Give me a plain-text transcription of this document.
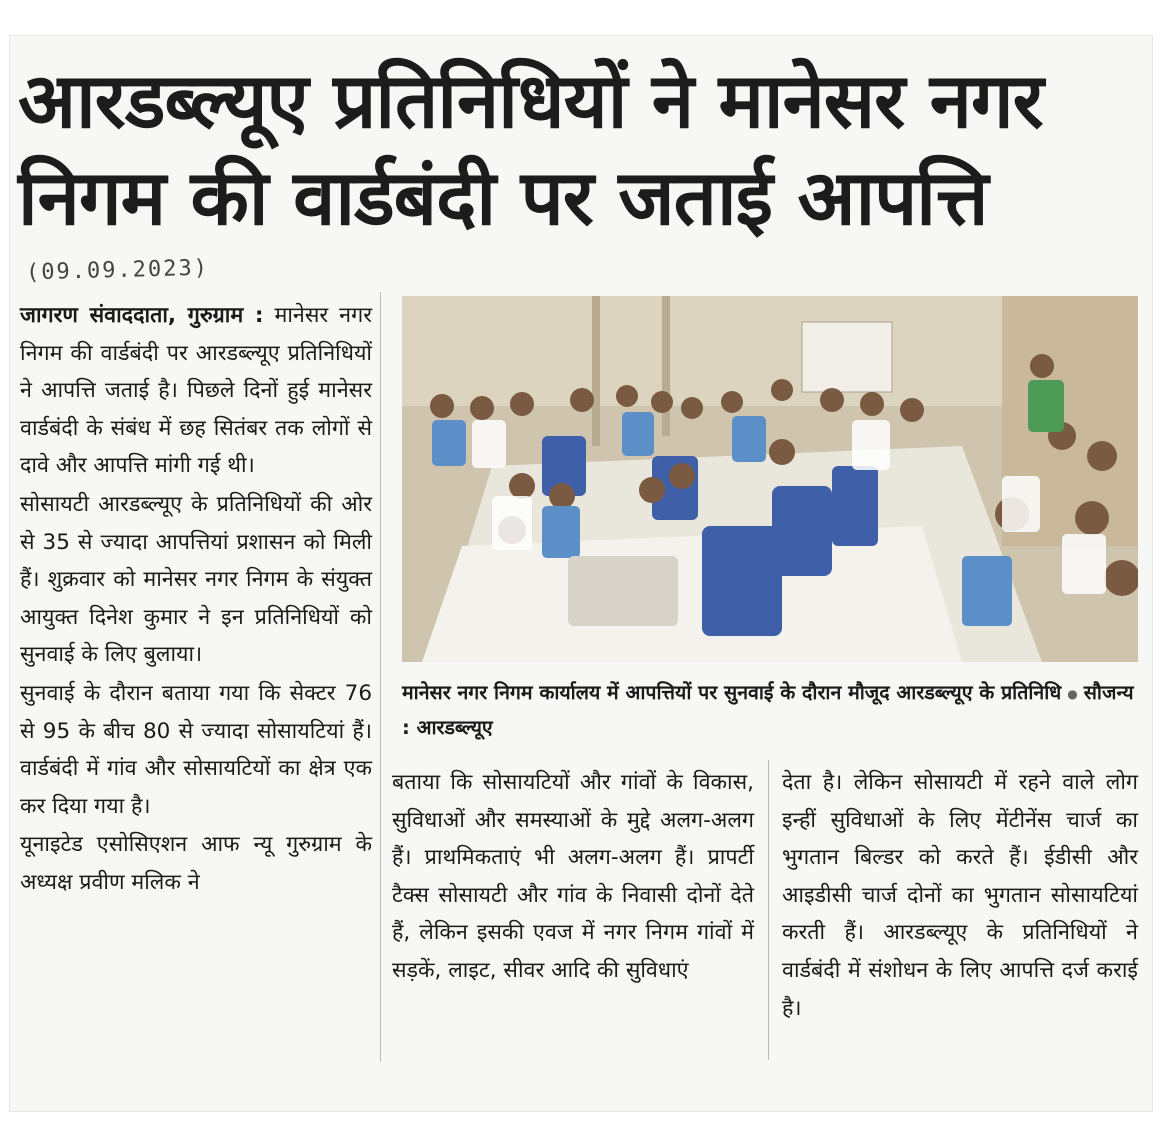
आरडब्ल्यूए प्रतिनिधियों ने मानेसर नगर
निगम की वार्डबंदी पर जताई आपत्ति
(09.09.2023)

जागरण संवाददाता, गुरुग्राम : मानेसर नगर निगम की वार्डबंदी पर आरडब्ल्यूए प्रतिनिधियों ने आपत्ति जताई है। पिछले दिनों हुई मानेसर वार्डबंदी के संबंध में छह सितंबर तक लोगों से दावे और आपत्ति मांगी गई थी।

सोसायटी आरडब्ल्यूए के प्रतिनिधियों की ओर से 35 से ज्यादा आपत्तियां प्रशासन को मिली हैं। शुक्रवार को मानेसर नगर निगम के संयुक्त आयुक्त दिनेश कुमार ने इन प्रतिनिधियों को सुनवाई के लिए बुलाया।

सुनवाई के दौरान बताया गया कि सेक्टर 76 से 95 के बीच 80 से ज्यादा सोसायटियां हैं। वार्डबंदी में गांव और सोसायटियों का क्षेत्र एक कर दिया गया है।

यूनाइटेड एसोसिएशन आफ न्यू गुरुग्राम के अध्यक्ष प्रवीण मलिक ने

मानेसर नगर निगम कार्यालय में आपत्तियों पर सुनवाई के दौरान मौजूद आरडब्ल्यूए के प्रतिनिधि ● सौजन्य : आरडब्ल्यूए

बताया कि सोसायटियों और गांवों के विकास, सुविधाओं और समस्याओं के मुद्दे अलग-अलग हैं। प्राथमिकताएं भी अलग-अलग हैं। प्रापर्टी टैक्स सोसायटी और गांव के निवासी दोनों देते हैं, लेकिन इसकी एवज में नगर निगम गांवों में सड़कें, लाइट, सीवर आदि की सुविधाएं

देता है। लेकिन सोसायटी में रहने वाले लोग इन्हीं सुविधाओं के लिए मेंटीनेंस चार्ज का भुगतान बिल्डर को करते हैं। ईडीसी और आइडीसी चार्ज दोनों का भुगतान सोसायटियां करती हैं। आरडब्ल्यूए के प्रतिनिधियों ने वार्डबंदी में संशोधन के लिए आपत्ति दर्ज कराई है।
